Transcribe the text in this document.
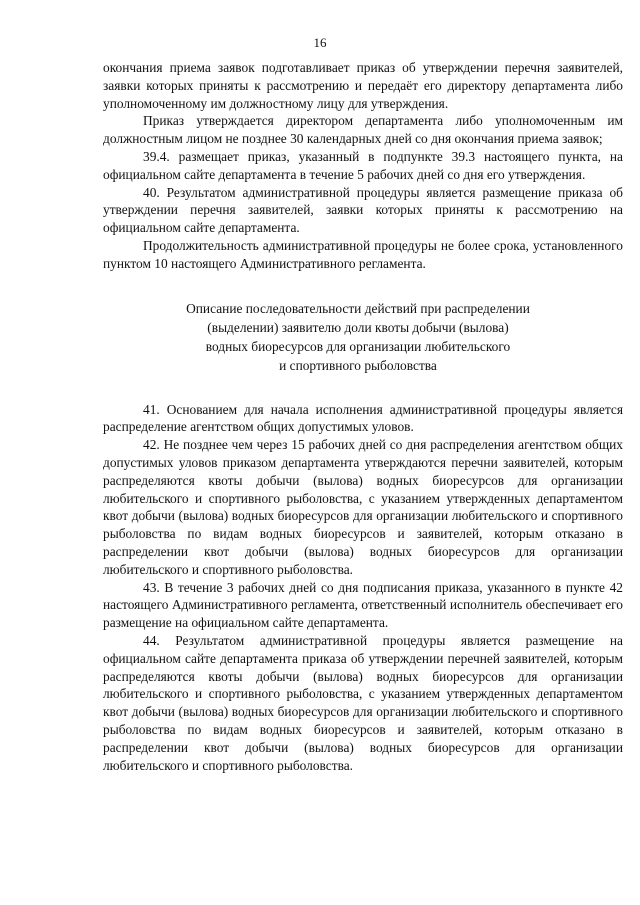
16

окончания приема заявок подготавливает приказ об утверждении перечня заявителей, заявки которых приняты к рассмотрению и передаёт его директору департамента либо уполномоченному им должностному лицу для утверждения.

Приказ утверждается директором департамента либо уполномоченным им должностным лицом не позднее 30 календарных дней со дня окончания приема заявок;

39.4. размещает приказ, указанный в подпункте 39.3 настоящего пункта, на официальном сайте департамента в течение 5 рабочих дней со дня его утверждения.

40. Результатом административной процедуры является размещение приказа об утверждении перечня заявителей, заявки которых приняты к рассмотрению на официальном сайте департамента.

Продолжительность административной процедуры не более срока, установленного пунктом 10 настоящего Административного регламента.

Описание последовательности действий при распределении
(выделении) заявителю доли квоты добычи (вылова)
водных биоресурсов для организации любительского
и спортивного рыболовства

41. Основанием для начала исполнения административной процедуры является распределение агентством общих допустимых уловов.

42. Не позднее чем через 15 рабочих дней со дня распределения агентством общих допустимых уловов приказом департамента утверждаются перечни заявителей, которым распределяются квоты добычи (вылова) водных биоресурсов для организации любительского и спортивного рыболовства, с указанием утвержденных департаментом квот добычи (вылова) водных биоресурсов для организации любительского и спортивного рыболовства по видам водных биоресурсов и заявителей, которым отказано в распределении квот добычи (вылова) водных биоресурсов для организации любительского и спортивного рыболовства.

43. В течение 3 рабочих дней со дня подписания приказа, указанного в пункте 42 настоящего Административного регламента, ответственный исполнитель обеспечивает его размещение на официальном сайте департамента.

44. Результатом административной процедуры является размещение на официальном сайте департамента приказа об утверждении перечней заявителей, которым распределяются квоты добычи (вылова) водных биоресурсов для организации любительского и спортивного рыболовства, с указанием утвержденных департаментом квот добычи (вылова) водных биоресурсов для организации любительского и спортивного рыболовства по видам водных биоресурсов и заявителей, которым отказано в распределении квот добычи (вылова) водных биоресурсов для организации любительского и спортивного рыболовства.
